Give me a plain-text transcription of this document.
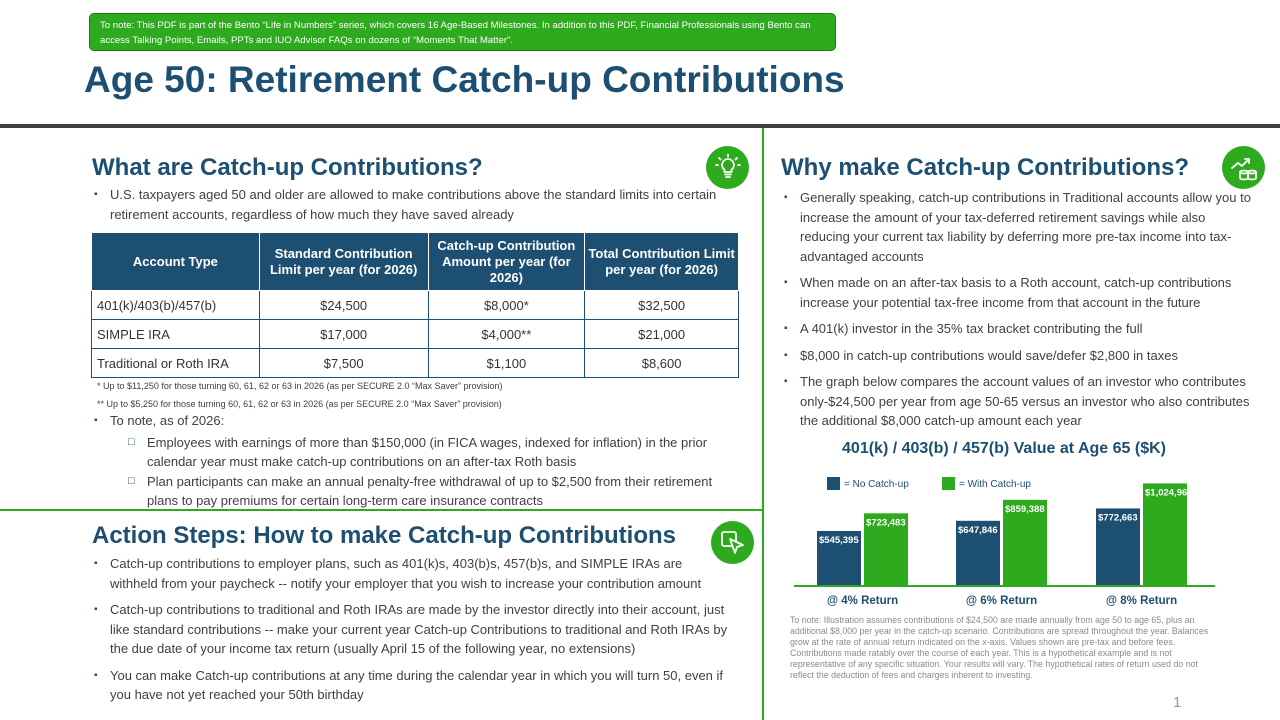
To note: This PDF is part of the Bento “Life in Numbers” series, which covers 16 Age-Based Milestones. In addition to this PDF, Financial Professionals using Bento can access Talking Points, Emails, PPTs and IUO Advisor FAQs on dozens of “Moments That Matter”.
Age 50: Retirement Catch-up Contributions
What are Catch-up Contributions?
▪ U.S. taxpayers aged 50 and older are allowed to make contributions above the standard limits into certain retirement accounts, regardless of how much they have saved already
Account Type	Standard Contribution Limit per year (for 2026)	Catch-up Contribution Amount per year (for 2026)	Total Contribution Limit per year (for 2026)
401(k)/403(b)/457(b)	$24,500	$8,000*	$32,500
SIMPLE IRA	$17,000	$4,000**	$21,000
Traditional or Roth IRA	$7,500	$1,100	$8,600
* Up to $11,250 for those turning 60, 61, 62 or 63 in 2026 (as per SECURE 2.0 “Max Saver” provision)
** Up to $5,250 for those turning 60, 61, 62 or 63 in 2026 (as per SECURE 2.0 “Max Saver” provision)
▪ To note, as of 2026:
□ Employees with earnings of more than $150,000 (in FICA wages, indexed for inflation) in the prior calendar year must make catch-up contributions on an after-tax Roth basis
□ Plan participants can make an annual penalty-free withdrawal of up to $2,500 from their retirement plans to pay premiums for certain long-term care insurance contracts
Action Steps: How to make Catch-up Contributions
▪ Catch-up contributions to employer plans, such as 401(k)s, 403(b)s, 457(b)s, and SIMPLE IRAs are withheld from your paycheck -- notify your employer that you wish to increase your contribution amount
▪ Catch-up contributions to traditional and Roth IRAs are made by the investor directly into their account, just like standard contributions -- make your current year Catch-up Contributions to traditional and Roth IRAs by the due date of your income tax return (usually April 15 of the following year, no extensions)
▪ You can make Catch-up contributions at any time during the calendar year in which you will turn 50, even if you have not yet reached your 50th birthday
Why make Catch-up Contributions?
▪ Generally speaking, catch-up contributions in Traditional accounts allow you to increase the amount of your tax-deferred retirement savings while also reducing your current tax liability by deferring more pre-tax income into tax-advantaged accounts
▪ When made on an after-tax basis to a Roth account, catch-up contributions increase your potential tax-free income from that account in the future
▪ A 401(k) investor in the 35% tax bracket contributing the full
▪ $8,000 in catch-up contributions would save/defer $2,800 in taxes
▪ The graph below compares the account values of an investor who contributes only-$24,500 per year from age 50-65 versus an investor who also contributes the additional $8,000 catch-up amount each year
401(k) / 403(b) / 457(b) Value at Age 65 ($K)
= No Catch-up	= With Catch-up
$545,395
$723,483
@ 4% Return
$647,846
$859,388
@ 6% Return
$772,663
$1,024,961
@ 8% Return
To note: Illustration assumes contributions of $24,500 are made annually from age 50 to age 65, plus an additional $8,000 per year in the catch-up scenario. Contributions are spread throughout the year. Balances grow at the rate of annual return indicated on the x-axis. Values shown are pre-tax and before fees. Contributions made ratably over the course of each year. This is a hypothetical example and is not representative of any specific situation. Your results will vary. The hypothetical rates of return used do not reflect the deduction of fees and charges inherent to investing.
1
